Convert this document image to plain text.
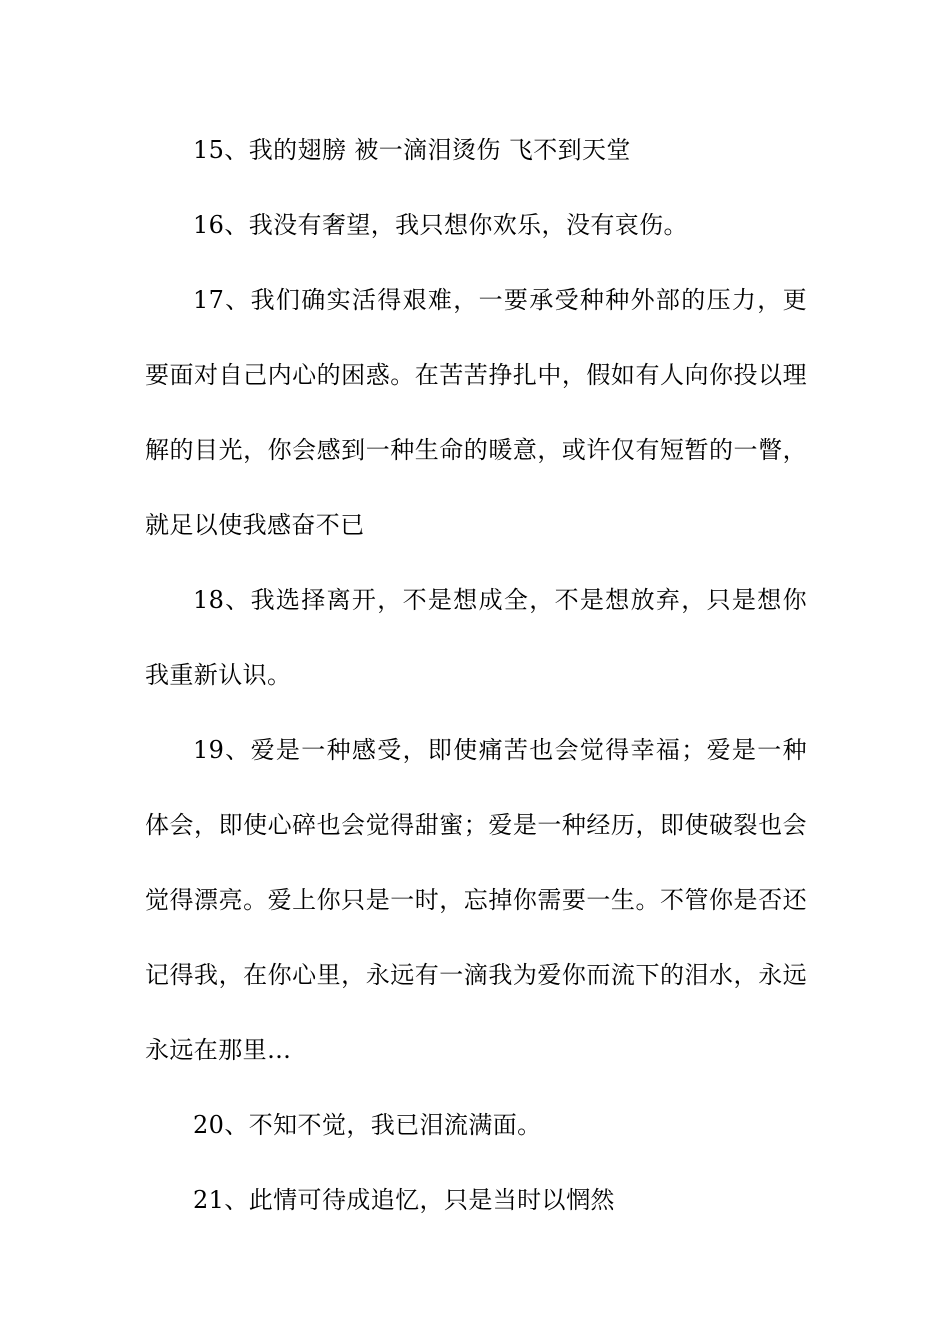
15、我的翅膀 被一滴泪烫伤 飞不到天堂

16、我没有奢望，我只想你欢乐，没有哀伤。

17、我们确实活得艰难，一要承受种种外部的压力，更要面对自己内心的困惑。在苦苦挣扎中，假如有人向你投以理解的目光，你会感到一种生命的暖意，或许仅有短暂的一瞥，就足以使我感奋不已

18、我选择离开，不是想成全，不是想放弃，只是想你我重新认识。

19、爱是一种感受，即使痛苦也会觉得幸福；爱是一种体会，即使心碎也会觉得甜蜜；爱是一种经历，即使破裂也会觉得漂亮。爱上你只是一时，忘掉你需要一生。不管你是否还记得我，在你心里，永远有一滴我为爱你而流下的泪水，永远永远在那里…

20、不知不觉，我已泪流满面。

21、此情可待成追忆，只是当时以惘然
